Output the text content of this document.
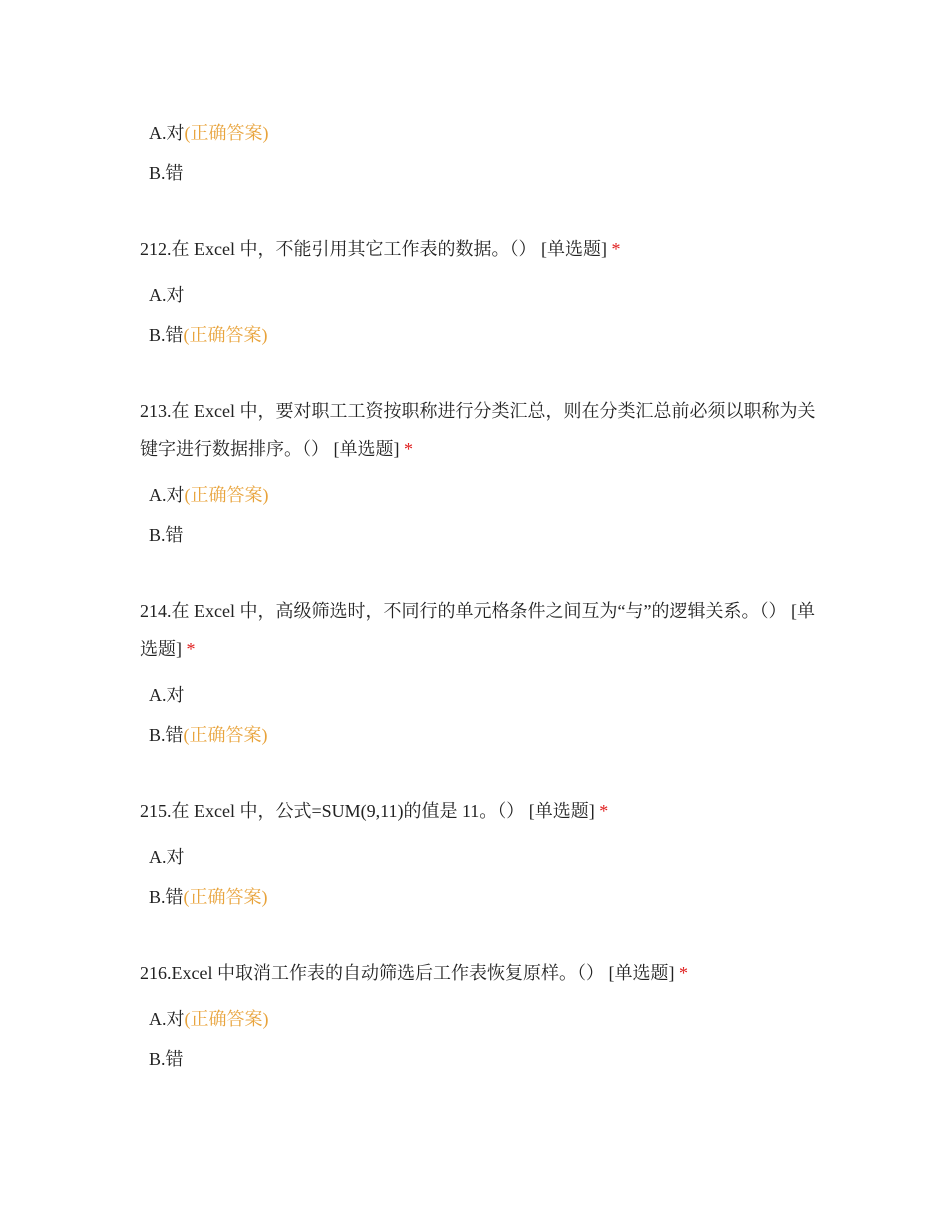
A.对(正确答案)
B.错
212.在 Excel 中，不能引用其它工作表的数据。（） [单选题] *
A.对
B.错(正确答案)
213.在 Excel 中，要对职工工资按职称进行分类汇总，则在分类汇总前必须以职称为关键字进行数据排序。（） [单选题] *
A.对(正确答案)
B.错
214.在 Excel 中，高级筛选时，不同行的单元格条件之间互为“与”的逻辑关系。（） [单选题] *
A.对
B.错(正确答案)
215.在 Excel 中，公式=SUM(9,11)的值是 11。（） [单选题] *
A.对
B.错(正确答案)
216.Excel 中取消工作表的自动筛选后工作表恢复原样。（） [单选题] *
A.对(正确答案)
B.错
